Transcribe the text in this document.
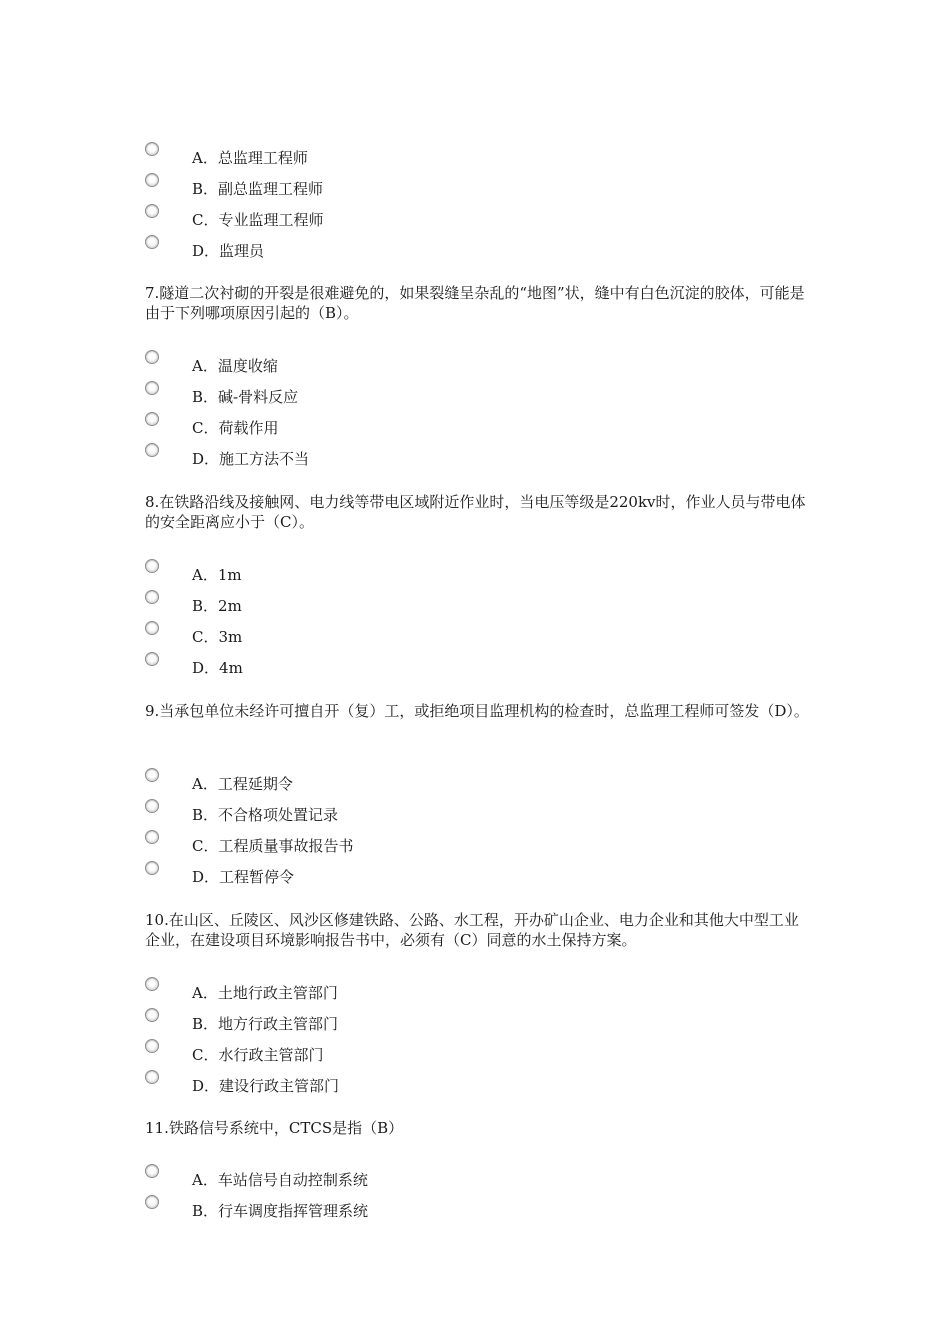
A．总监理工程师
B．副总监理工程师
C．专业监理工程师
D．监理员
7.隧道二次衬砌的开裂是很难避免的，如果裂缝呈杂乱的“地图”状，缝中有白色沉淀的胶体，可能是由于下列哪项原因引起的（B）。
A．温度收缩
B．碱-骨料反应
C．荷载作用
D．施工方法不当
8.在铁路沿线及接触网、电力线等带电区域附近作业时，当电压等级是220kv时，作业人员与带电体的安全距离应小于（C）。
A．1m
B．2m
C．3m
D．4m
9.当承包单位未经许可擅自开（复）工，或拒绝项目监理机构的检查时，总监理工程师可签发（D）。
A．工程延期令
B．不合格项处置记录
C．工程质量事故报告书
D．工程暂停令
10.在山区、丘陵区、风沙区修建铁路、公路、水工程，开办矿山企业、电力企业和其他大中型工业企业，在建设项目环境影响报告书中，必须有（C）同意的水土保持方案。
A．土地行政主管部门
B．地方行政主管部门
C．水行政主管部门
D．建设行政主管部门
11.铁路信号系统中，CTCS是指（B）
A．车站信号自动控制系统
B．行车调度指挥管理系统
